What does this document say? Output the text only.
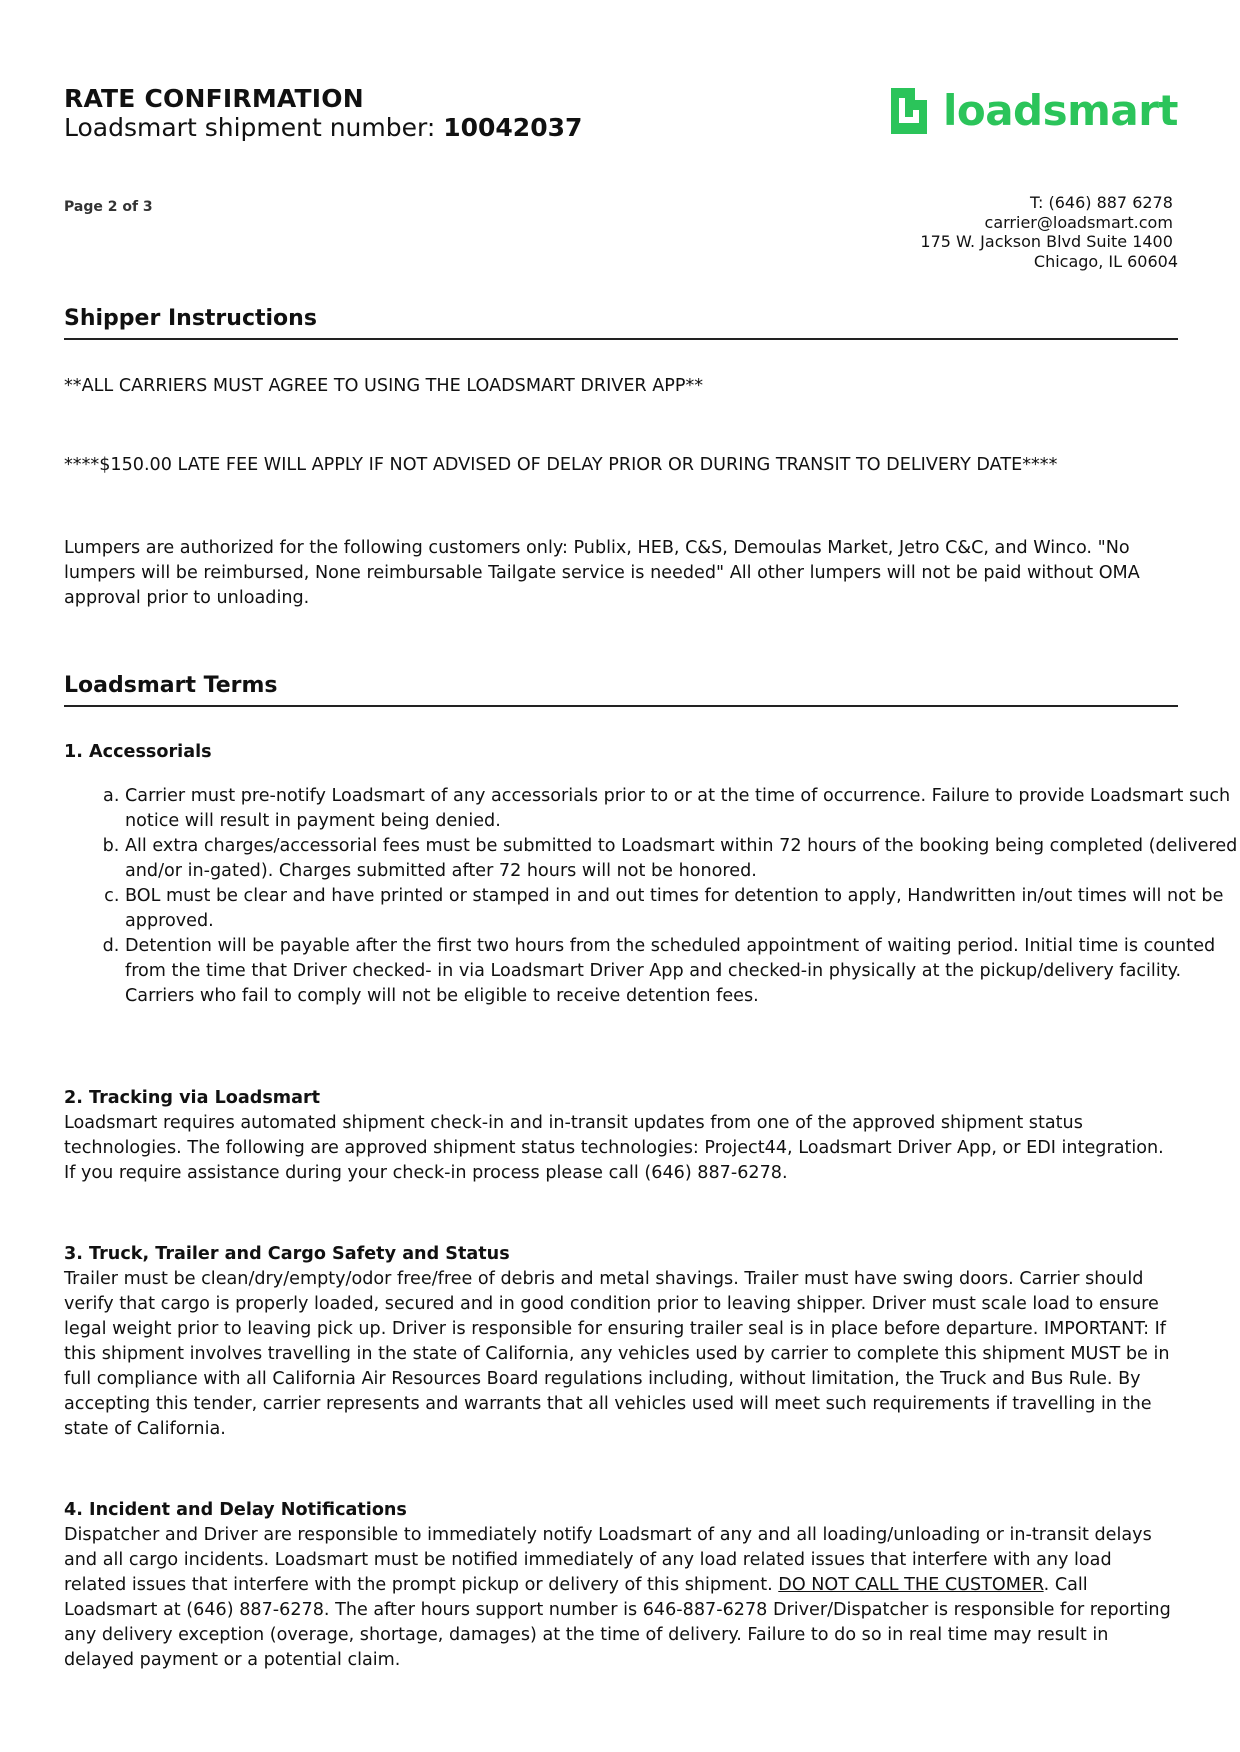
RATE CONFIRMATION
Loadsmart shipment number: 10042037	loadsmart
Page 2 of 3	T: (646) 887 6278
carrier@loadsmart.com
175 W. Jackson Blvd Suite 1400
Chicago, IL 60604
Shipper Instructions
**ALL CARRIERS MUST AGREE TO USING THE LOADSMART DRIVER APP**
****$150.00 LATE FEE WILL APPLY IF NOT ADVISED OF DELAY PRIOR OR DURING TRANSIT TO DELIVERY DATE****
Lumpers are authorized for the following customers only: Publix, HEB, C&S, Demoulas Market, Jetro C&C, and Winco. "No lumpers will be reimbursed, None reimbursable Tailgate service is needed" All other lumpers will not be paid without OMA approval prior to unloading.
Loadsmart Terms
1. Accessorials
a. Carrier must pre-notify Loadsmart of any accessorials prior to or at the time of occurrence. Failure to provide Loadsmart such notice will result in payment being denied.
b. All extra charges/accessorial fees must be submitted to Loadsmart within 72 hours of the booking being completed (delivered and/or in-gated). Charges submitted after 72 hours will not be honored.
c. BOL must be clear and have printed or stamped in and out times for detention to apply, Handwritten in/out times will not be approved.
d. Detention will be payable after the first two hours from the scheduled appointment of waiting period. Initial time is counted from the time that Driver checked- in via Loadsmart Driver App and checked-in physically at the pickup/delivery facility. Carriers who fail to comply will not be eligible to receive detention fees.
2. Tracking via Loadsmart
Loadsmart requires automated shipment check-in and in-transit updates from one of the approved shipment status technologies. The following are approved shipment status technologies: Project44, Loadsmart Driver App, or EDI integration. If you require assistance during your check-in process please call (646) 887-6278.
3. Truck, Trailer and Cargo Safety and Status
Trailer must be clean/dry/empty/odor free/free of debris and metal shavings. Trailer must have swing doors. Carrier should verify that cargo is properly loaded, secured and in good condition prior to leaving shipper. Driver must scale load to ensure legal weight prior to leaving pick up. Driver is responsible for ensuring trailer seal is in place before departure. IMPORTANT: If this shipment involves travelling in the state of California, any vehicles used by carrier to complete this shipment MUST be in full compliance with all California Air Resources Board regulations including, without limitation, the Truck and Bus Rule. By accepting this tender, carrier represents and warrants that all vehicles used will meet such requirements if travelling in the state of California.
4. Incident and Delay Notifications
Dispatcher and Driver are responsible to immediately notify Loadsmart of any and all loading/unloading or in-transit delays and all cargo incidents. Loadsmart must be notified immediately of any load related issues that interfere with any load related issues that interfere with the prompt pickup or delivery of this shipment. DO NOT CALL THE CUSTOMER. Call Loadsmart at (646) 887-6278. The after hours support number is 646-887-6278 Driver/Dispatcher is responsible for reporting any delivery exception (overage, shortage, damages) at the time of delivery. Failure to do so in real time may result in delayed payment or a potential claim.
